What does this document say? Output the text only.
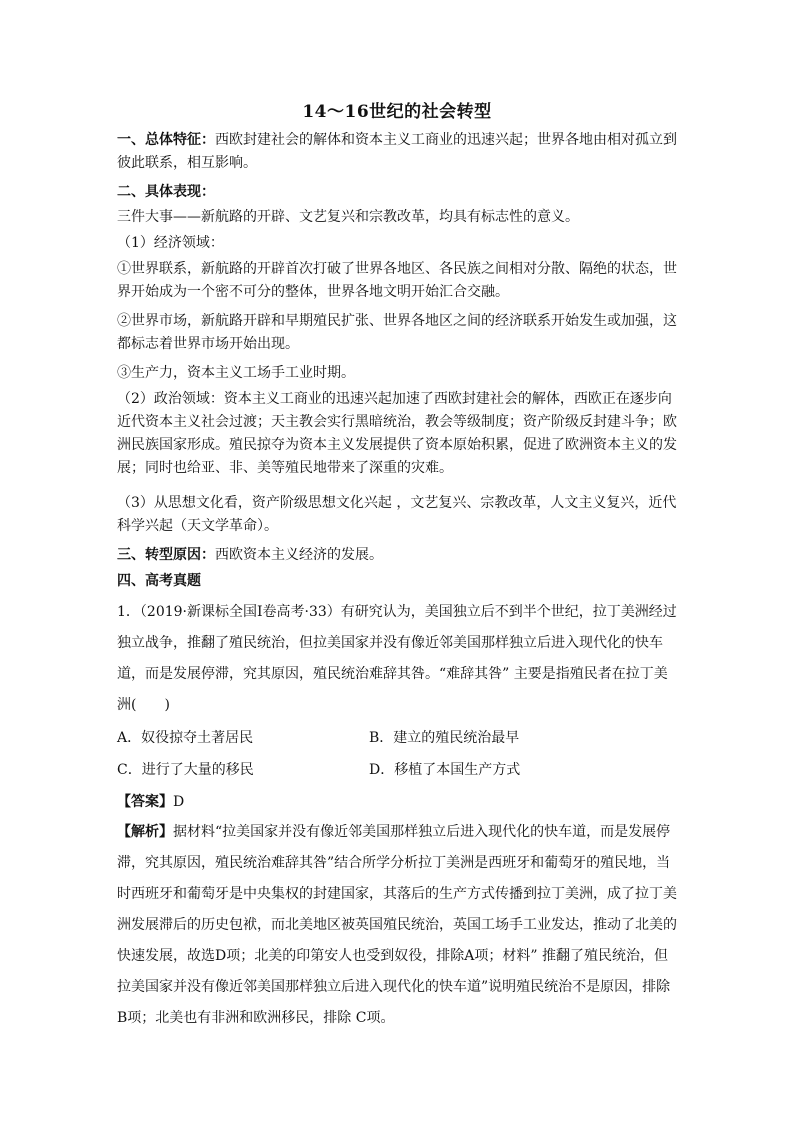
14～16世纪的社会转型
一、总体特征：西欧封建社会的解体和资本主义工商业的迅速兴起；世界各地由相对孤立到彼此联系，相互影响。
二、具体表现：
三件大事——新航路的开辟、文艺复兴和宗教改革，均具有标志性的意义。
（1）经济领域：
①世界联系，新航路的开辟首次打破了世界各地区、各民族之间相对分散、隔绝的状态，世界开始成为一个密不可分的整体，世界各地文明开始汇合交融。
②世界市场，新航路开辟和早期殖民扩张、世界各地区之间的经济联系开始发生或加强，这都标志着世界市场开始出现。
③生产力，资本主义工场手工业时期。
（2）政治领域：资本主义工商业的迅速兴起加速了西欧封建社会的解体，西欧正在逐步向近代资本主义社会过渡；天主教会实行黑暗统治，教会等级制度；资产阶级反封建斗争；欧洲民族国家形成。殖民掠夺为资本主义发展提供了资本原始积累，促进了欧洲资本主义的发展；同时也给亚、非、美等殖民地带来了深重的灾难。
（3）从思想文化看，资产阶级思想文化兴起 ，文艺复兴、宗教改革，人文主义复兴，近代科学兴起（天文学革命）。
三、转型原因：西欧资本主义经济的发展。
四、高考真题
1．（2019·新课标全国Ⅰ卷高考·33）有研究认为，美国独立后不到半个世纪，拉丁美洲经过独立战争，推翻了殖民统治，但拉美国家并没有像近邻美国那样独立后进入现代化的快车道，而是发展停滞，究其原因，殖民统治难辞其咎。“难辞其咎” 主要是指殖民者在拉丁美洲(　　)
A．奴役掠夺土著居民	B．建立的殖民统治最早
C．进行了大量的移民	D．移植了本国生产方式
【答案】D
【解析】据材料“拉美国家并没有像近邻美国那样独立后进入现代化的快车道，而是发展停滞，究其原因，殖民统治难辞其咎”结合所学分析拉丁美洲是西班牙和葡萄牙的殖民地，当时西班牙和葡萄牙是中央集权的封建国家，其落后的生产方式传播到拉丁美洲，成了拉丁美洲发展滞后的历史包袱，而北美地区被英国殖民统治，英国工场手工业发达，推动了北美的快速发展，故选D项；北美的印第安人也受到奴役，排除A项；材料” 推翻了殖民统治，但拉美国家并没有像近邻美国那样独立后进入现代化的快车道”说明殖民统治不是原因，排除B项；北美也有非洲和欧洲移民，排除 C项。
